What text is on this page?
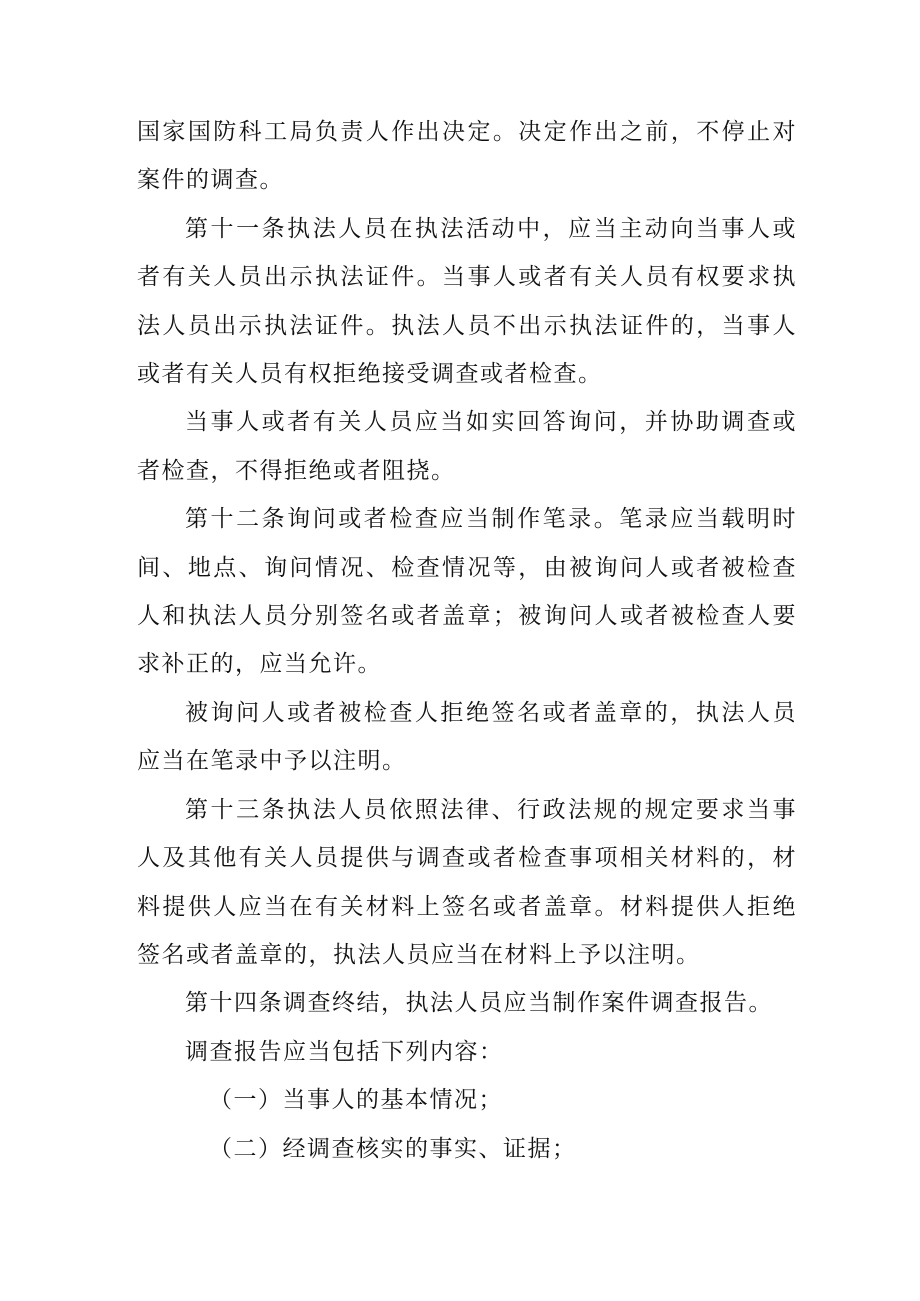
国家国防科工局负责人作出决定。决定作出之前，不停止对案件的调查。

第十一条执法人员在执法活动中，应当主动向当事人或者有关人员出示执法证件。当事人或者有关人员有权要求执法人员出示执法证件。执法人员不出示执法证件的，当事人或者有关人员有权拒绝接受调查或者检查。

当事人或者有关人员应当如实回答询问，并协助调查或者检查，不得拒绝或者阻挠。

第十二条询问或者检查应当制作笔录。笔录应当载明时间、地点、询问情况、检查情况等，由被询问人或者被检查人和执法人员分别签名或者盖章；被询问人或者被检查人要求补正的，应当允许。

被询问人或者被检查人拒绝签名或者盖章的，执法人员应当在笔录中予以注明。

第十三条执法人员依照法律、行政法规的规定要求当事人及其他有关人员提供与调查或者检查事项相关材料的，材料提供人应当在有关材料上签名或者盖章。材料提供人拒绝签名或者盖章的，执法人员应当在材料上予以注明。

第十四条调查终结，执法人员应当制作案件调查报告。

调查报告应当包括下列内容：

（一）当事人的基本情况；

（二）经调查核实的事实、证据；
